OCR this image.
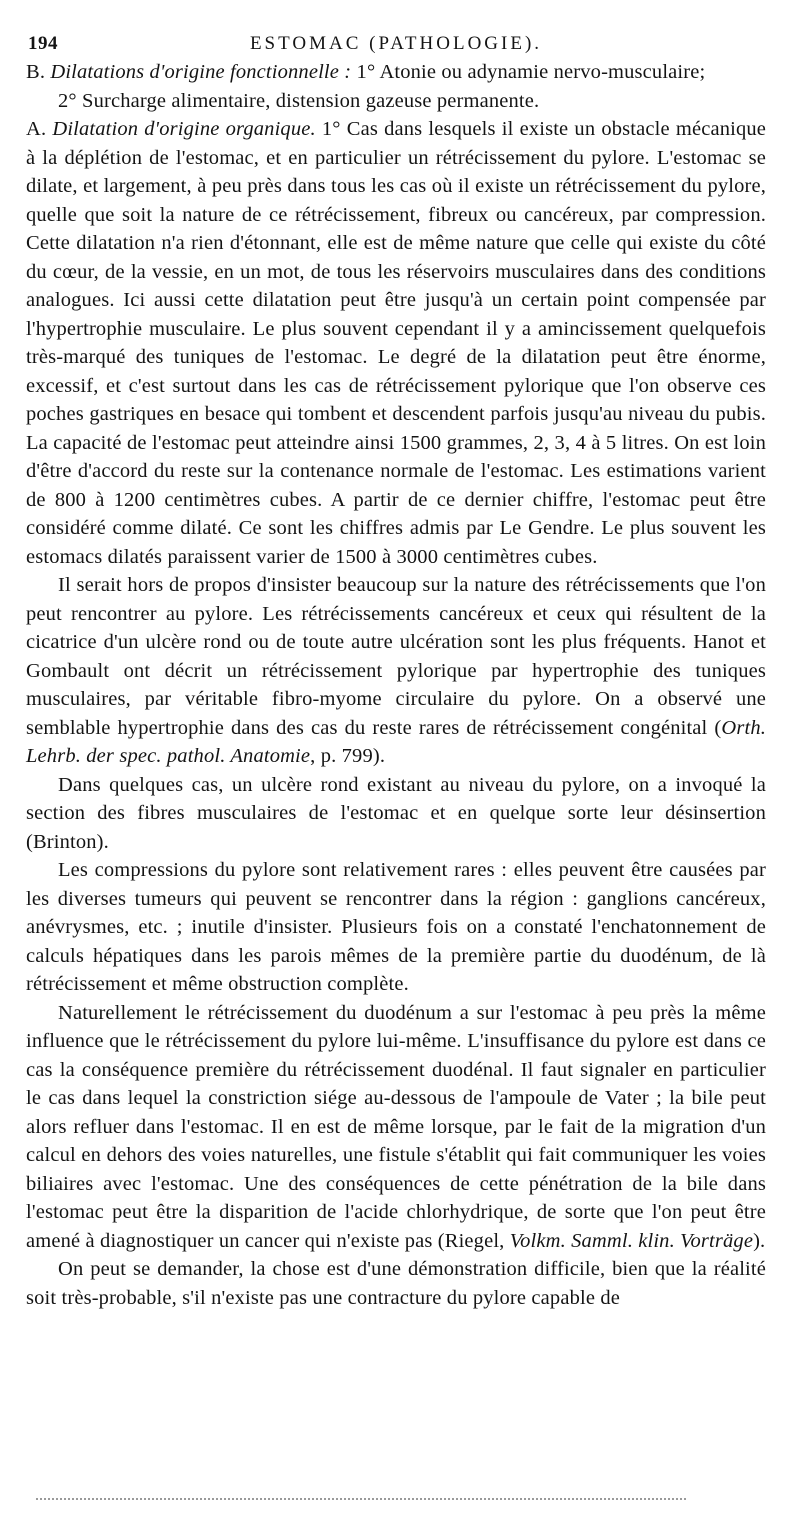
194	ESTOMAC (PATHOLOGIE).

B. Dilatations d'origine fonctionnelle : 1° Atonie ou adynamie nervo-musculaire;

2° Surcharge alimentaire, distension gazeuse permanente.

A. Dilatation d'origine organique. 1° Cas dans lesquels il existe un obstacle mécanique à la déplétion de l'estomac, et en particulier un rétrécissement du pylore. L'estomac se dilate, et largement, à peu près dans tous les cas où il existe un rétrécissement du pylore, quelle que soit la nature de ce rétrécissement, fibreux ou cancéreux, par compression. Cette dilatation n'a rien d'étonnant, elle est de même nature que celle qui existe du côté du cœur, de la vessie, en un mot, de tous les réservoirs musculaires dans des conditions analogues. Ici aussi cette dilatation peut être jusqu'à un certain point compensée par l'hypertrophie musculaire. Le plus souvent cependant il y a amincissement quelquefois très-marqué des tuniques de l'estomac. Le degré de la dilatation peut être énorme, excessif, et c'est surtout dans les cas de rétrécissement pylorique que l'on observe ces poches gastriques en besace qui tombent et descendent parfois jusqu'au niveau du pubis. La capacité de l'estomac peut atteindre ainsi 1500 grammes, 2, 3, 4 à 5 litres. On est loin d'être d'accord du reste sur la contenance normale de l'estomac. Les estimations varient de 800 à 1200 centimètres cubes. A partir de ce dernier chiffre, l'estomac peut être considéré comme dilaté. Ce sont les chiffres admis par Le Gendre. Le plus souvent les estomacs dilatés paraissent varier de 1500 à 3000 centimètres cubes.

Il serait hors de propos d'insister beaucoup sur la nature des rétrécissements que l'on peut rencontrer au pylore. Les rétrécissements cancéreux et ceux qui résultent de la cicatrice d'un ulcère rond ou de toute autre ulcération sont les plus fréquents. Hanot et Gombault ont décrit un rétrécissement pylorique par hypertrophie des tuniques musculaires, par véritable fibro-myome circulaire du pylore. On a observé une semblable hypertrophie dans des cas du reste rares de rétrécissement congénital (Orth. Lehrb. der spec. pathol. Anatomie, p. 799).

Dans quelques cas, un ulcère rond existant au niveau du pylore, on a invoqué la section des fibres musculaires de l'estomac et en quelque sorte leur désinsertion (Brinton).

Les compressions du pylore sont relativement rares : elles peuvent être causées par les diverses tumeurs qui peuvent se rencontrer dans la région : ganglions cancéreux, anévrysmes, etc. ; inutile d'insister. Plusieurs fois on a constaté l'enchatonnement de calculs hépatiques dans les parois mêmes de la première partie du duodénum, de là rétrécissement et même obstruction complète.

Naturellement le rétrécissement du duodénum a sur l'estomac à peu près la même influence que le rétrécissement du pylore lui-même. L'insuffisance du pylore est dans ce cas la conséquence première du rétrécissement duodénal. Il faut signaler en particulier le cas dans lequel la constriction siége au-dessous de l'ampoule de Vater ; la bile peut alors refluer dans l'estomac. Il en est de même lorsque, par le fait de la migration d'un calcul en dehors des voies naturelles, une fistule s'établit qui fait communiquer les voies biliaires avec l'estomac. Une des conséquences de cette pénétration de la bile dans l'estomac peut être la disparition de l'acide chlorhydrique, de sorte que l'on peut être amené à diagnostiquer un cancer qui n'existe pas (Riegel, Volkm. Samml. klin. Vorträge).

On peut se demander, la chose est d'une démonstration difficile, bien que la réalité soit très-probable, s'il n'existe pas une contracture du pylore capable de
